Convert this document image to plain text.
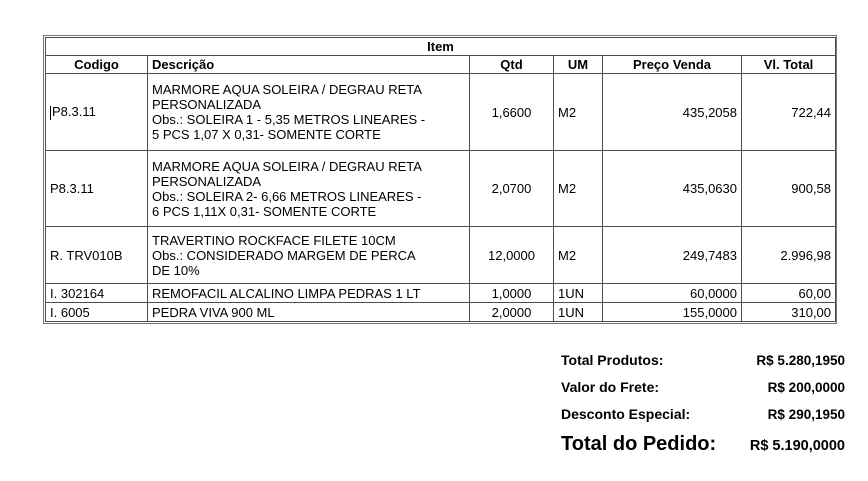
Item					
Codigo	Descrição	Qtd	UM	Preço Venda	Vl. Total
P8.3.11	MARMORE AQUA SOLEIRA / DEGRAU RETA
PERSONALIZADA
Obs.: SOLEIRA 1 - 5,35 METROS LINEARES -
5 PCS 1,07 X 0,31- SOMENTE CORTE	1,6600	M2	435,2058	722,44
P8.3.11	MARMORE AQUA SOLEIRA / DEGRAU RETA
PERSONALIZADA
Obs.: SOLEIRA 2- 6,66 METROS LINEARES -
6 PCS 1,11X 0,31- SOMENTE CORTE	2,0700	M2	435,0630	900,58
R. TRV010B	TRAVERTINO ROCKFACE FILETE 10CM
Obs.: CONSIDERADO MARGEM DE PERCA
DE 10%	12,0000	M2	249,7483	2.996,98
I. 302164	REMOFACIL ALCALINO LIMPA PEDRAS 1 LT	1,0000	1UN	60,0000	60,00
I. 6005	PEDRA VIVA 900 ML	2,0000	1UN	155,0000	310,00
Total Produtos:	R$ 5.280,1950
Valor do Frete:	R$ 200,0000
Desconto Especial:	R$ 290,1950
Total do Pedido: R$ 5.190,0000
